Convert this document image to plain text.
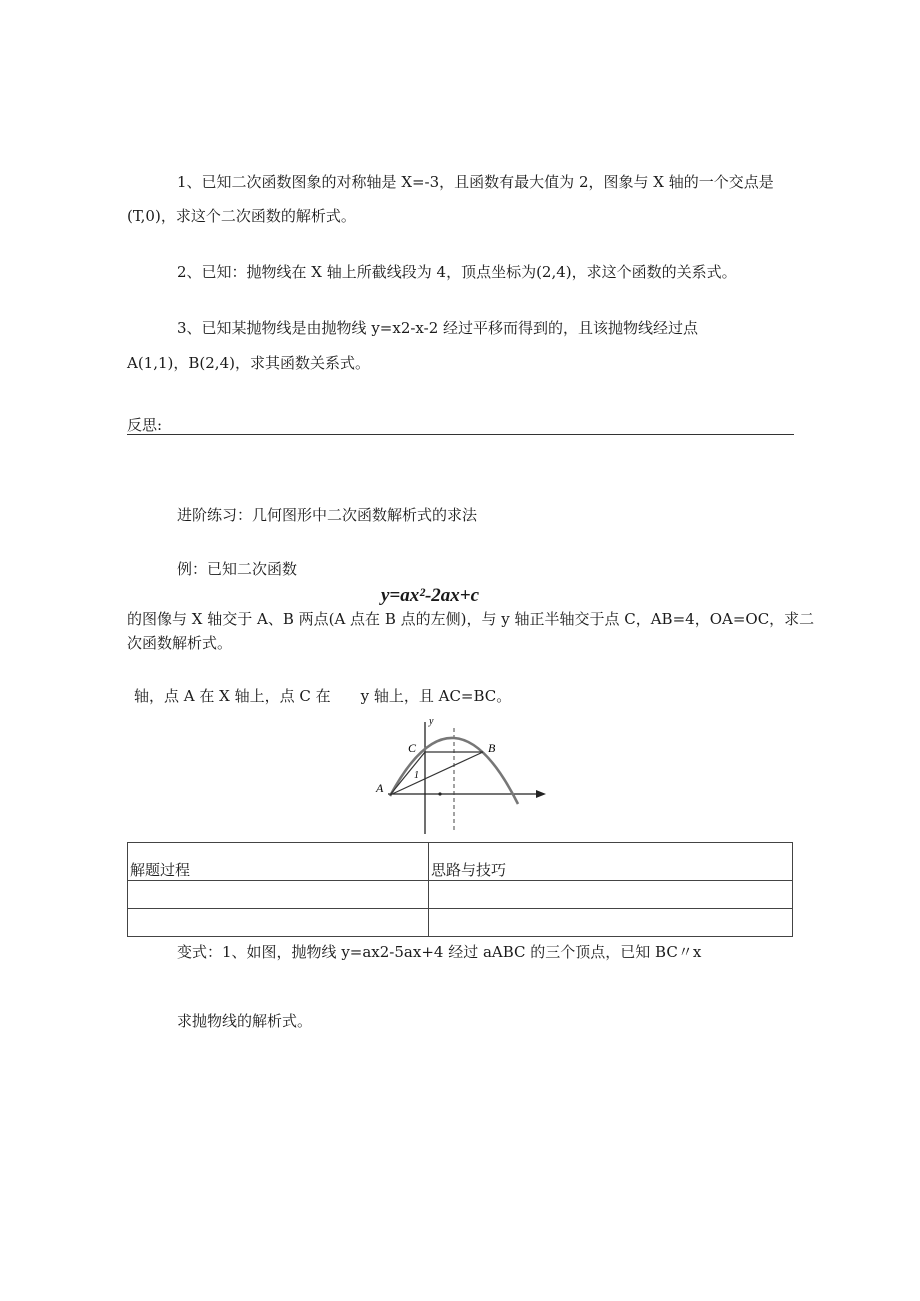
1、已知二次函数图象的对称轴是 X=-3，且函数有最大值为 2，图象与 X 轴的一个交点是
(T,0)，求这个二次函数的解析式。
2、已知：抛物线在 X 轴上所截线段为 4，顶点坐标为(2,4)，求这个函数的关系式。
3、已知某抛物线是由抛物线 y=x2-x-2 经过平移而得到的，且该抛物线经过点
A(1,1)，B(2,4)，求其函数关系式。
反思:
进阶练习：几何图形中二次函数解析式的求法
例：已知二次函数
y=ax²-2ax+c
的图像与 X 轴交于 A、B 两点(A 点在 B 点的左侧)，与 y 轴正半轴交于点 C，AB=4，OA=OC，求二
次函数解析式。
轴，点 A 在 X 轴上，点 C 在　　y 轴上，且 AC=BC。
y
A
B
C
1
解题过程	思路与技巧

变式：1、如图，抛物线 y=ax2-5ax+4 经过 aABC 的三个顶点，已知 BC〃x
求抛物线的解析式。
